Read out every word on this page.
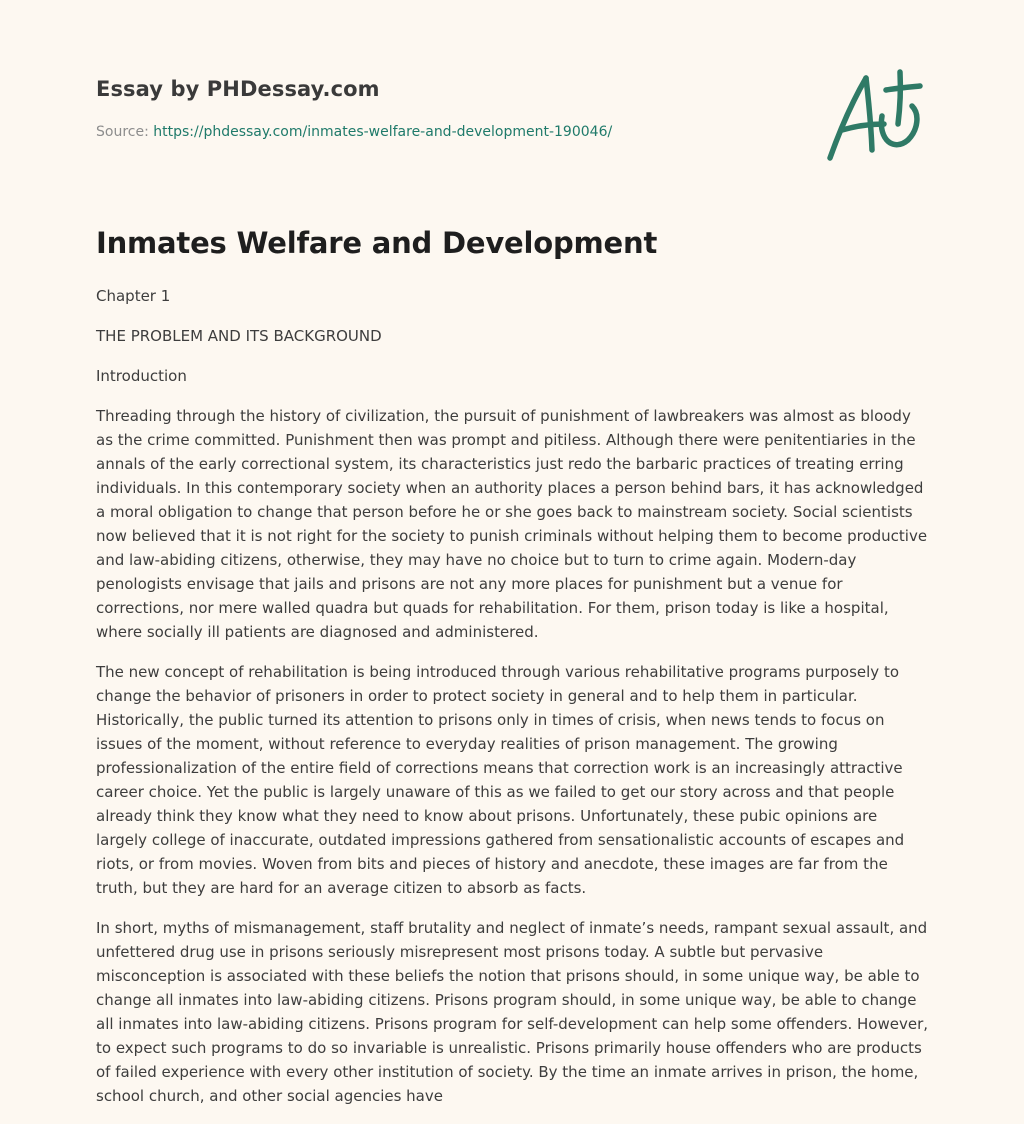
Essay by PHDessay.com

Source: https://phdessay.com/inmates-welfare-and-development-190046/

Inmates Welfare and Development

Chapter 1

THE PROBLEM AND ITS BACKGROUND

Introduction

Threading through the history of civilization, the pursuit of punishment of lawbreakers was almost as bloody as the crime committed. Punishment then was prompt and pitiless. Although there were penitentiaries in the annals of the early correctional system, its characteristics just redo the barbaric practices of treating erring individuals. In this contemporary society when an authority places a person behind bars, it has acknowledged a moral obligation to change that person before he or she goes back to mainstream society. Social scientists now believed that it is not right for the society to punish criminals without helping them to become productive and law-abiding citizens, otherwise, they may have no choice but to turn to crime again. Modern-day penologists envisage that jails and prisons are not any more places for punishment but a venue for corrections, nor mere walled quadra but quads for rehabilitation. For them, prison today is like a hospital, where socially ill patients are diagnosed and administered.

The new concept of rehabilitation is being introduced through various rehabilitative programs purposely to change the behavior of prisoners in order to protect society in general and to help them in particular. Historically, the public turned its attention to prisons only in times of crisis, when news tends to focus on issues of the moment, without reference to everyday realities of prison management. The growing professionalization of the entire field of corrections means that correction work is an increasingly attractive career choice. Yet the public is largely unaware of this as we failed to get our story across and that people already think they know what they need to know about prisons. Unfortunately, these pubic opinions are largely college of inaccurate, outdated impressions gathered from sensationalistic accounts of escapes and riots, or from movies. Woven from bits and pieces of history and anecdote, these images are far from the truth, but they are hard for an average citizen to absorb as facts.

In short, myths of mismanagement, staff brutality and neglect of inmate’s needs, rampant sexual assault, and unfettered drug use in prisons seriously misrepresent most prisons today. A subtle but pervasive misconception is associated with these beliefs the notion that prisons should, in some unique way, be able to change all inmates into law-abiding citizens. Prisons program should, in some unique way, be able to change all inmates into law-abiding citizens. Prisons program for self-development can help some offenders. However, to expect such programs to do so invariable is unrealistic. Prisons primarily house offenders who are products of failed experience with every other institution of society. By the time an inmate arrives in prison, the home, school church, and other social agencies have
